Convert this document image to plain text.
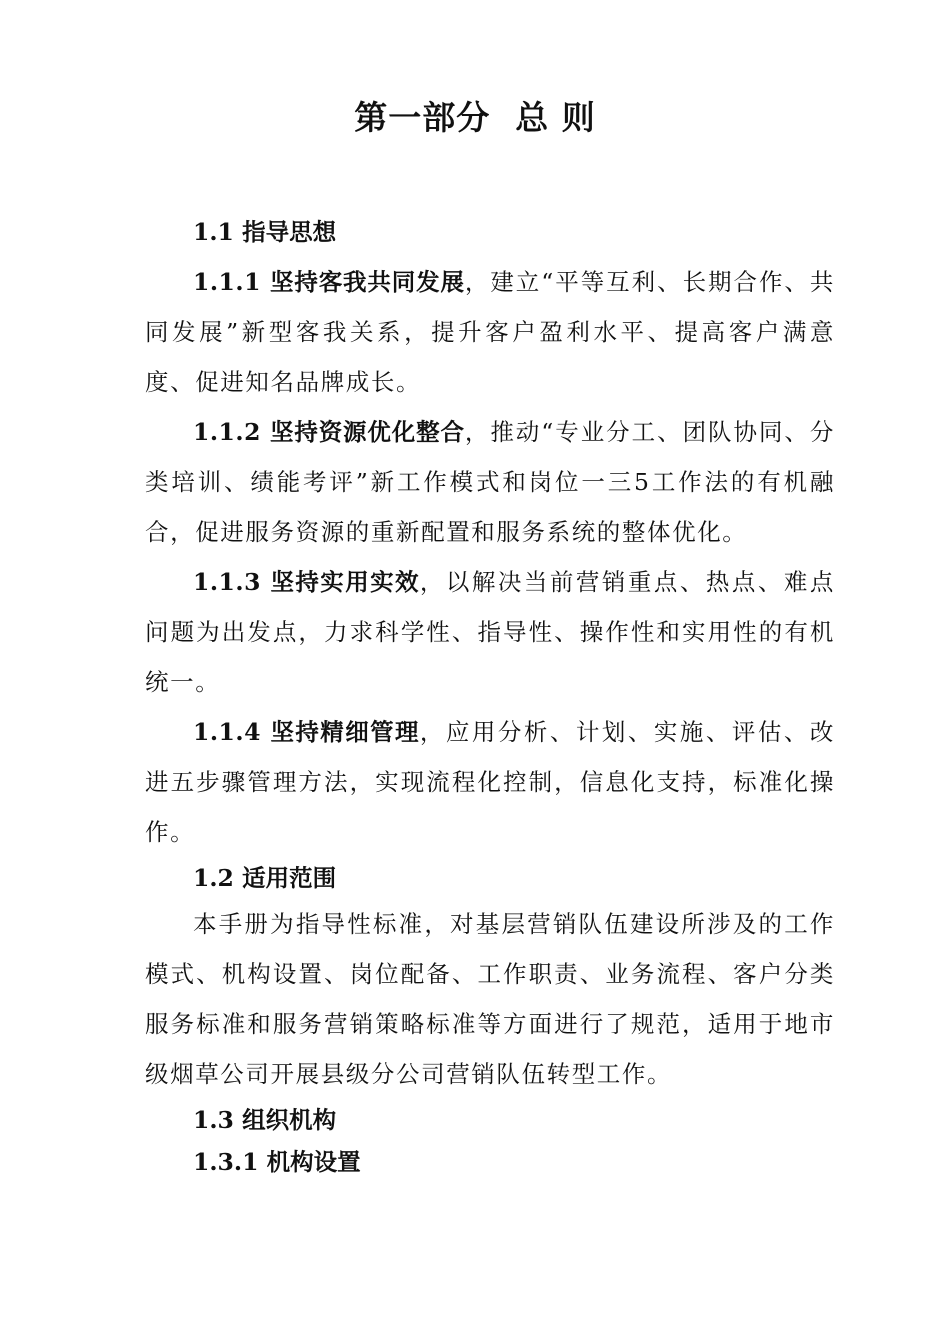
第一部分  总 则
1.1 指导思想
1.1.1 坚持客我共同发展，建立“平等互利、长期合作、共同发展”新型客我关系，提升客户盈利水平、提高客户满意度、促进知名品牌成长。
1.1.2 坚持资源优化整合，推动“专业分工、团队协同、分类培训、绩能考评”新工作模式和岗位一三5工作法的有机融合，促进服务资源的重新配置和服务系统的整体优化。
1.1.3 坚持实用实效，以解决当前营销重点、热点、难点问题为出发点，力求科学性、指导性、操作性和实用性的有机统一。
1.1.4 坚持精细管理，应用分析、计划、实施、评估、改进五步骤管理方法，实现流程化控制，信息化支持，标准化操作。
1.2 适用范围
本手册为指导性标准，对基层营销队伍建设所涉及的工作模式、机构设置、岗位配备、工作职责、业务流程、客户分类服务标准和服务营销策略标准等方面进行了规范，适用于地市级烟草公司开展县级分公司营销队伍转型工作。
1.3 组织机构
1.3.1 机构设置
